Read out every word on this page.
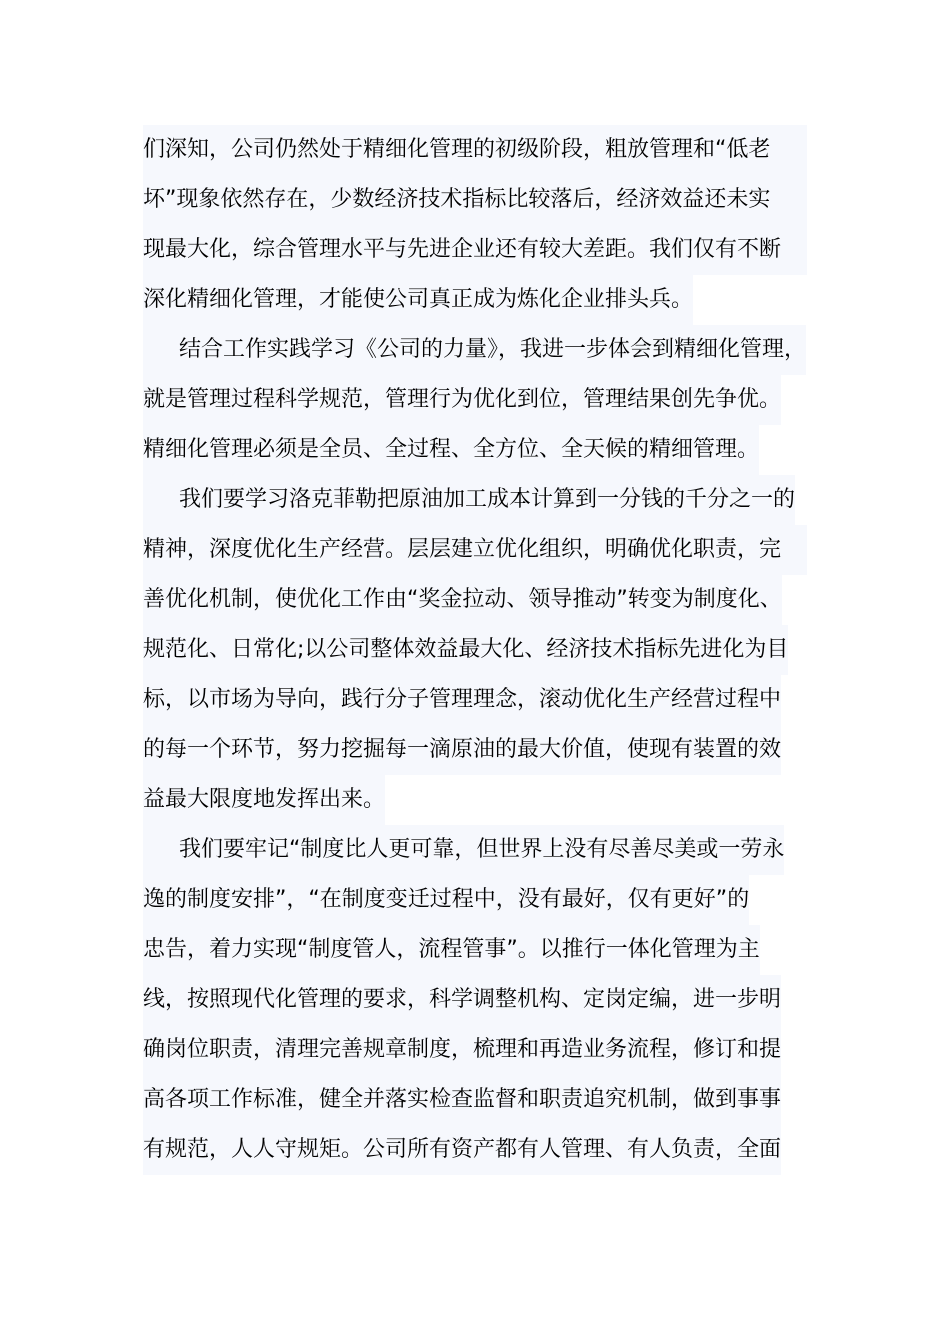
们深知，公司仍然处于精细化管理的初级阶段，粗放管理和“低老
坏”现象依然存在，少数经济技术指标比较落后，经济效益还未实
现最大化，综合管理水平与先进企业还有较大差距。我们仅有不断
深化精细化管理，才能使公司真正成为炼化企业排头兵。
结合工作实践学习《公司的力量》，我进一步体会到精细化管理，
就是管理过程科学规范，管理行为优化到位，管理结果创先争优。
精细化管理必须是全员、全过程、全方位、全天候的精细管理。
我们要学习洛克菲勒把原油加工成本计算到一分钱的千分之一的
精神，深度优化生产经营。层层建立优化组织，明确优化职责，完
善优化机制，使优化工作由“奖金拉动、领导推动”转变为制度化、
规范化、日常化;以公司整体效益最大化、经济技术指标先进化为目
标，以市场为导向，践行分子管理理念，滚动优化生产经营过程中
的每一个环节，努力挖掘每一滴原油的最大价值，使现有装置的效
益最大限度地发挥出来。
我们要牢记“制度比人更可靠，但世界上没有尽善尽美或一劳永
逸的制度安排”，“在制度变迁过程中，没有最好，仅有更好”的
忠告，着力实现“制度管人，流程管事”。以推行一体化管理为主
线，按照现代化管理的要求，科学调整机构、定岗定编，进一步明
确岗位职责，清理完善规章制度，梳理和再造业务流程，修订和提
高各项工作标准，健全并落实检查监督和职责追究机制，做到事事
有规范，人人守规矩。公司所有资产都有人管理、有人负责，全面
